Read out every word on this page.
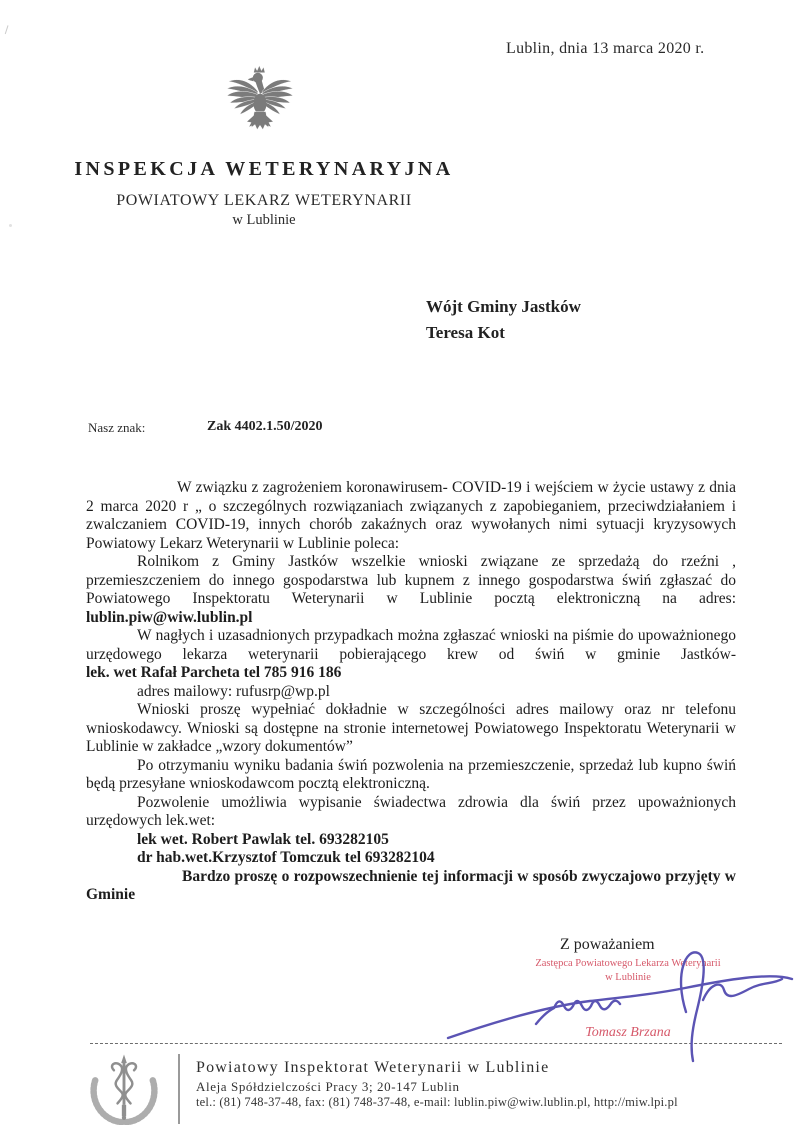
Lublin, dnia 13 marca 2020 r.
INSPEKCJA WETERYNARYJNA
POWIATOWY LEKARZ WETERYNARII
w Lublinie
Wójt Gminy Jastków
Teresa Kot
Nasz znak:	Zak 4402.1.50/2020

W związku z zagrożeniem koronawirusem- COVID-19 i wejściem w życie ustawy z dnia 2 marca 2020 r „ o szczególnych rozwiązaniach związanych z zapobieganiem, przeciwdziałaniem i zwalczaniem COVID-19, innych chorób zakaźnych oraz wywołanych nimi sytuacji kryzysowych Powiatowy Lekarz Weterynarii w Lublinie poleca:

Rolnikom z Gminy Jastków wszelkie wnioski związane ze sprzedażą do rzeźni , przemieszczeniem do innego gospodarstwa lub kupnem z innego gospodarstwa świń zgłaszać do Powiatowego Inspektoratu Weterynarii w Lublinie pocztą elektroniczną na adres:

lublin.piw@wiw.lublin.pl

W nagłych i uzasadnionych przypadkach można zgłaszać wnioski na piśmie do upoważnionego urzędowego lekarza weterynarii pobierającego krew od świń w gminie Jastków-

lek. wet Rafał Parcheta tel 785 916 186

adres mailowy: rufusrp@wp.pl

Wnioski proszę wypełniać dokładnie w szczególności adres mailowy oraz nr telefonu wnioskodawcy. Wnioski są dostępne na stronie internetowej Powiatowego Inspektoratu Weterynarii w Lublinie w zakładce „wzory dokumentów”

Po otrzymaniu wyniku badania świń pozwolenia na przemieszczenie, sprzedaż lub kupno świń będą przesyłane wnioskodawcom pocztą elektroniczną.

Pozwolenie umożliwia wypisanie świadectwa zdrowia dla świń przez upoważnionych urzędowych lek.wet:

lek wet. Robert Pawlak tel. 693282105

dr hab.wet.Krzysztof Tomczuk tel 693282104

Bardzo proszę o rozpowszechnienie tej informacji w sposób zwyczajowo przyjęty w Gminie

Z poważaniem
Zastępca Powiatowego Lekarza Weterynarii
w Lublinie
Tomasz Brzana
Powiatowy Inspektorat Weterynarii w Lublinie
Aleja Spółdzielczości Pracy 3; 20-147 Lublin
tel.: (81) 748-37-48, fax: (81) 748-37-48, e-mail: lublin.piw@wiw.lublin.pl, http://miw.lpi.pl
